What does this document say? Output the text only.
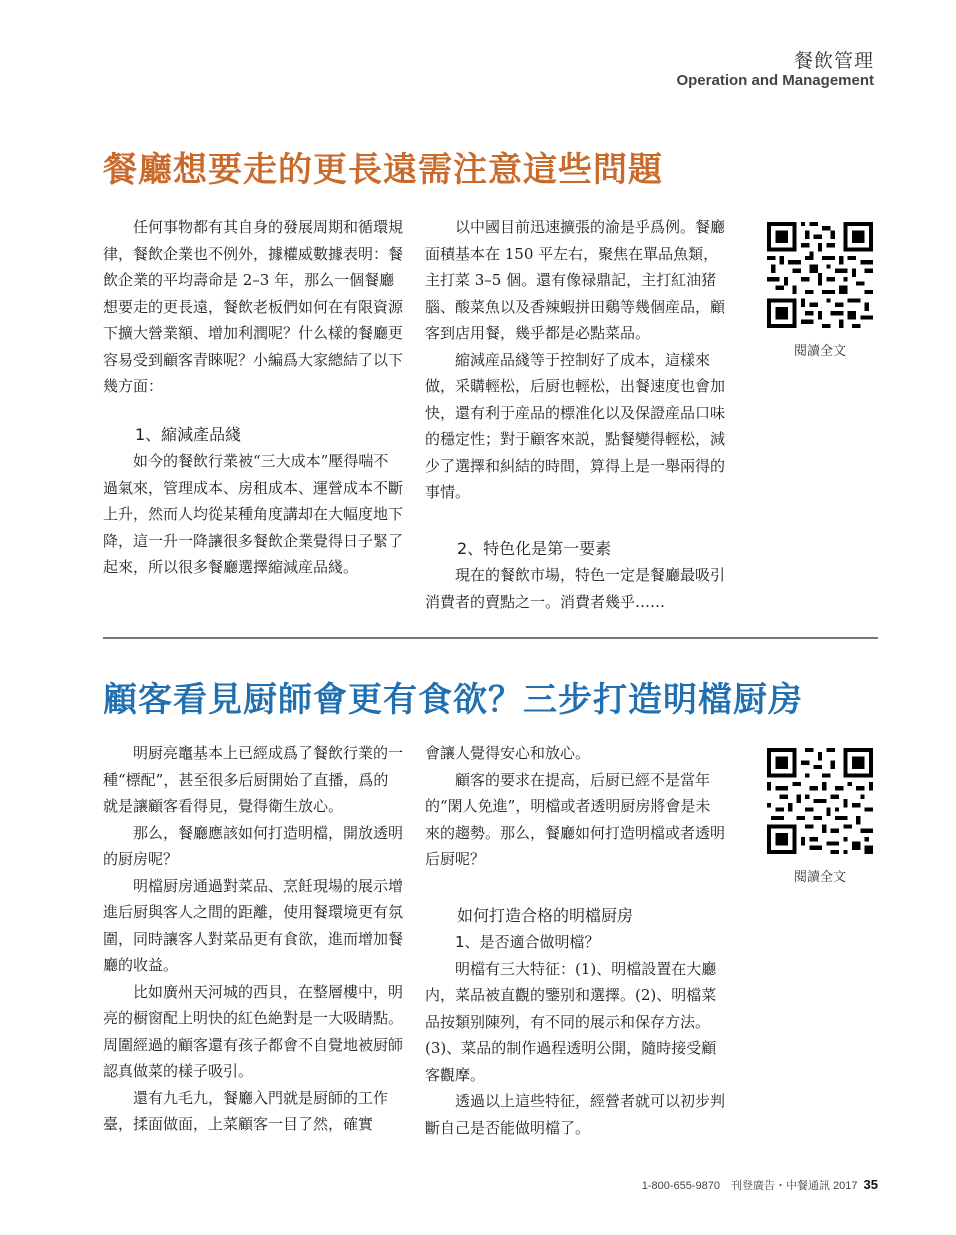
餐飲管理
Operation and Management
餐廳想要走的更長遠需注意這些問題

任何事物都有其自身的發展周期和循環規律，餐飲企業也不例外，據權威數據表明：餐飲企業的平均壽命是 2–3 年，那么一個餐廳想要走的更長遠，餐飲老板們如何在有限資源下擴大營業額、增加利潤呢？什么樣的餐廳更容易受到顧客青睞呢？小編爲大家總結了以下幾方面：

1、縮減產品綫

如今的餐飲行業被“三大成本”壓得喘不過氣來，管理成本、房租成本、運營成本不斷上升，然而人均從某種角度講却在大幅度地下降，這一升一降讓很多餐飲企業覺得日子緊了起來，所以很多餐廳選擇縮減産品綫。

以中國目前迅速擴張的渝是乎爲例。餐廳面積基本在 150 平左右，聚焦在單品魚類，主打菜 3–5 個。還有像禄鼎記，主打紅油猪腦、酸菜魚以及香辣蝦拼田鷄等幾個産品，顧客到店用餐，幾乎都是必點菜品。

縮減産品綫等于控制好了成本，這樣來做，采購輕松，后厨也輕松，出餐速度也會加快，還有利于産品的標准化以及保證産品口味的穩定性；對于顧客來説，點餐變得輕松，減少了選擇和糾結的時間，算得上是一舉兩得的事情。

2、特色化是第一要素

現在的餐飲市場，特色一定是餐廳最吸引消費者的賣點之一。消費者幾乎……

閱讀全文
顧客看見厨師會更有食欲？三步打造明檔厨房

明厨亮竈基本上已經成爲了餐飲行業的一種“標配”，甚至很多后厨開始了直播，爲的就是讓顧客看得見，覺得衛生放心。

那么，餐廳應該如何打造明檔，開放透明的厨房呢？

明檔厨房通過對菜品、烹飪現場的展示增進后厨與客人之間的距離，使用餐環境更有氛圍，同時讓客人對菜品更有食欲，進而增加餐廳的收益。

比如廣州天河城的西貝，在整層樓中，明亮的橱窗配上明快的紅色絶對是一大吸睛點。周圍經過的顧客還有孩子都會不自覺地被厨師認真做菜的樣子吸引。

還有九毛九，餐廳入門就是厨師的工作臺，揉面做面，上菜顧客一目了然，確實

會讓人覺得安心和放心。

顧客的要求在提高，后厨已經不是當年的“閑人免進”，明檔或者透明厨房將會是未來的趨勢。那么，餐廳如何打造明檔或者透明后厨呢？

如何打造合格的明檔厨房

1、是否適合做明檔？

明檔有三大特征：(1)、明檔設置在大廳内，菜品被直觀的鑒别和選擇。(2)、明檔菜品按類别陳列，有不同的展示和保存方法。(3)、菜品的制作過程透明公開，隨時接受顧客觀摩。

透過以上這些特征，經營者就可以初步判斷自己是否能做明檔了。

閱讀全文
1-800-655-9870　刊登廣告・中餐通訊 2017 35
